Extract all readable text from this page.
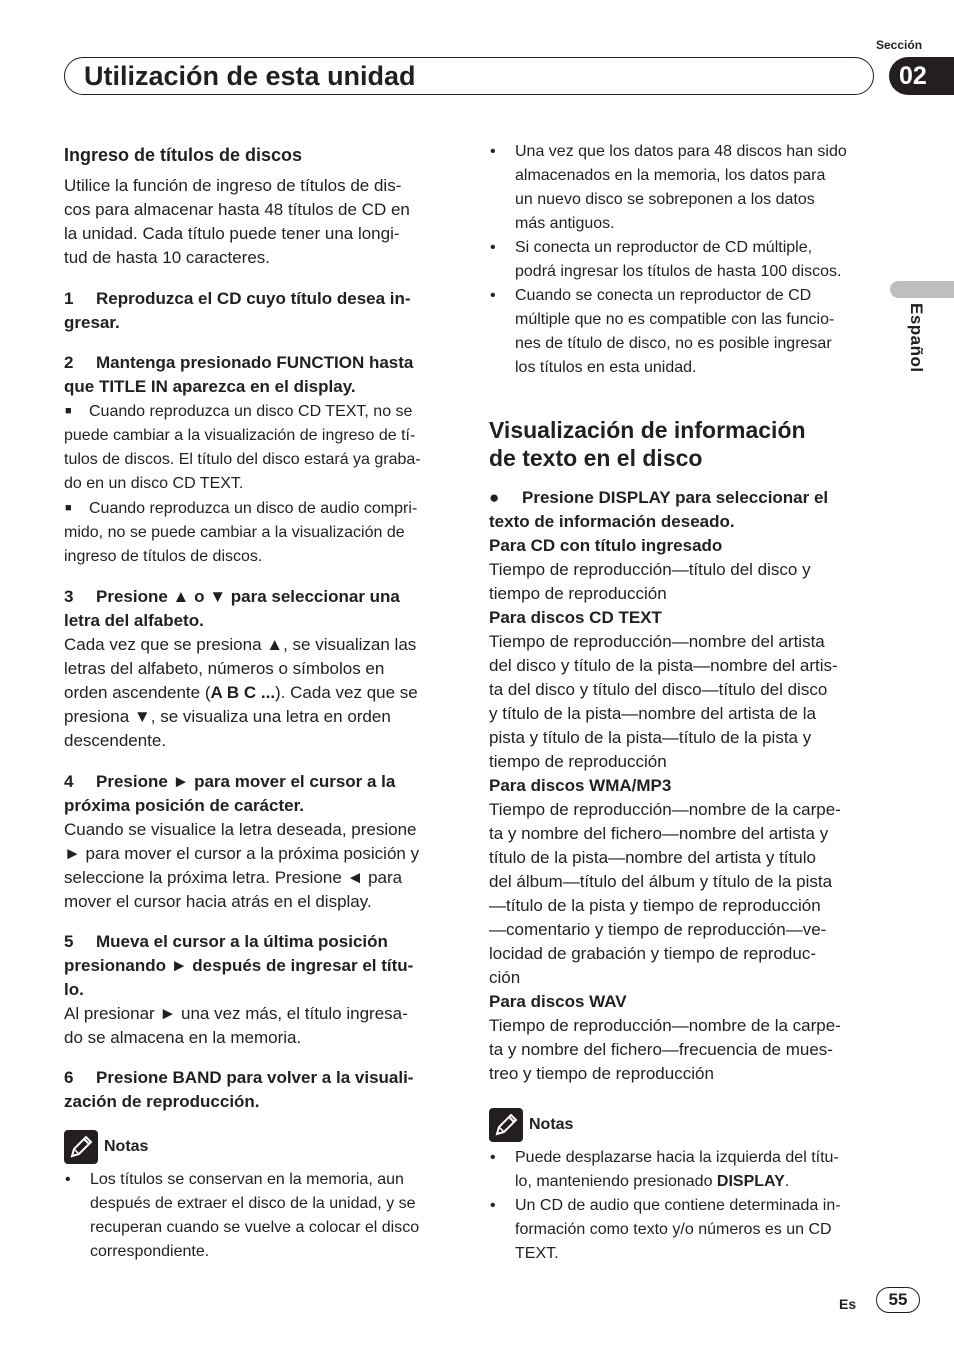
Utilización de esta unidad
Sección
02
Español

Ingreso de títulos de discos

Utilice la función de ingreso de títulos de dis-

cos para almacenar hasta 48 títulos de CD en

la unidad. Cada título puede tener una longi-

tud de hasta 10 caracteres.

1 Reproduzca el CD cuyo título desea in-

gresar.

2 Mantenga presionado FUNCTION hasta

que TITLE IN aparezca en el display.

■ Cuando reproduzca un disco CD TEXT, no se

puede cambiar a la visualización de ingreso de tí-

tulos de discos. El título del disco estará ya graba-

do en un disco CD TEXT.

■ Cuando reproduzca un disco de audio compri-

mido, no se puede cambiar a la visualización de

ingreso de títulos de discos.

3 Presione ▲ o ▼ para seleccionar una

letra del alfabeto.

Cada vez que se presiona ▲, se visualizan las

letras del alfabeto, números o símbolos en

orden ascendente (A B C ...). Cada vez que se

presiona ▼, se visualiza una letra en orden

descendente.

4 Presione ► para mover el cursor a la

próxima posición de carácter.

Cuando se visualice la letra deseada, presione

► para mover el cursor a la próxima posición y

seleccione la próxima letra. Presione ◄ para

mover el cursor hacia atrás en el display.

5 Mueva el cursor a la última posición

presionando ► después de ingresar el títu-

lo.

Al presionar ► una vez más, el título ingresa-

do se almacena en la memoria.

6 Presione BAND para volver a la visuali-

zación de reproducción.

Notas
• Los títulos se conservan en la memoria, aun
después de extraer el disco de la unidad, y se
recuperan cuando se vuelve a colocar el disco
correspondiente.
• Una vez que los datos para 48 discos han sido
almacenados en la memoria, los datos para
un nuevo disco se sobreponen a los datos
más antiguos.
• Si conecta un reproductor de CD múltiple,
podrá ingresar los títulos de hasta 100 discos.
• Cuando se conecta un reproductor de CD
múltiple que no es compatible con las funcio-
nes de título de disco, no es posible ingresar
los títulos en esta unidad.

Visualización de información

de texto en el disco

● Presione DISPLAY para seleccionar el

texto de información deseado.

Para CD con título ingresado

Tiempo de reproducción—título del disco y

tiempo de reproducción

Para discos CD TEXT

Tiempo de reproducción—nombre del artista

del disco y título de la pista—nombre del artis-

ta del disco y título del disco—título del disco

y título de la pista—nombre del artista de la

pista y título de la pista—título de la pista y

tiempo de reproducción

Para discos WMA/MP3

Tiempo de reproducción—nombre de la carpe-

ta y nombre del fichero—nombre del artista y

título de la pista—nombre del artista y título

del álbum—título del álbum y título de la pista

—título de la pista y tiempo de reproducción

—comentario y tiempo de reproducción—ve-

locidad de grabación y tiempo de reproduc-

ción

Para discos WAV

Tiempo de reproducción—nombre de la carpe-

ta y nombre del fichero—frecuencia de mues-

treo y tiempo de reproducción

Notas
• Puede desplazarse hacia la izquierda del títu-
lo, manteniendo presionado DISPLAY.
• Un CD de audio que contiene determinada in-
formación como texto y/o números es un CD
TEXT.
Es	55
